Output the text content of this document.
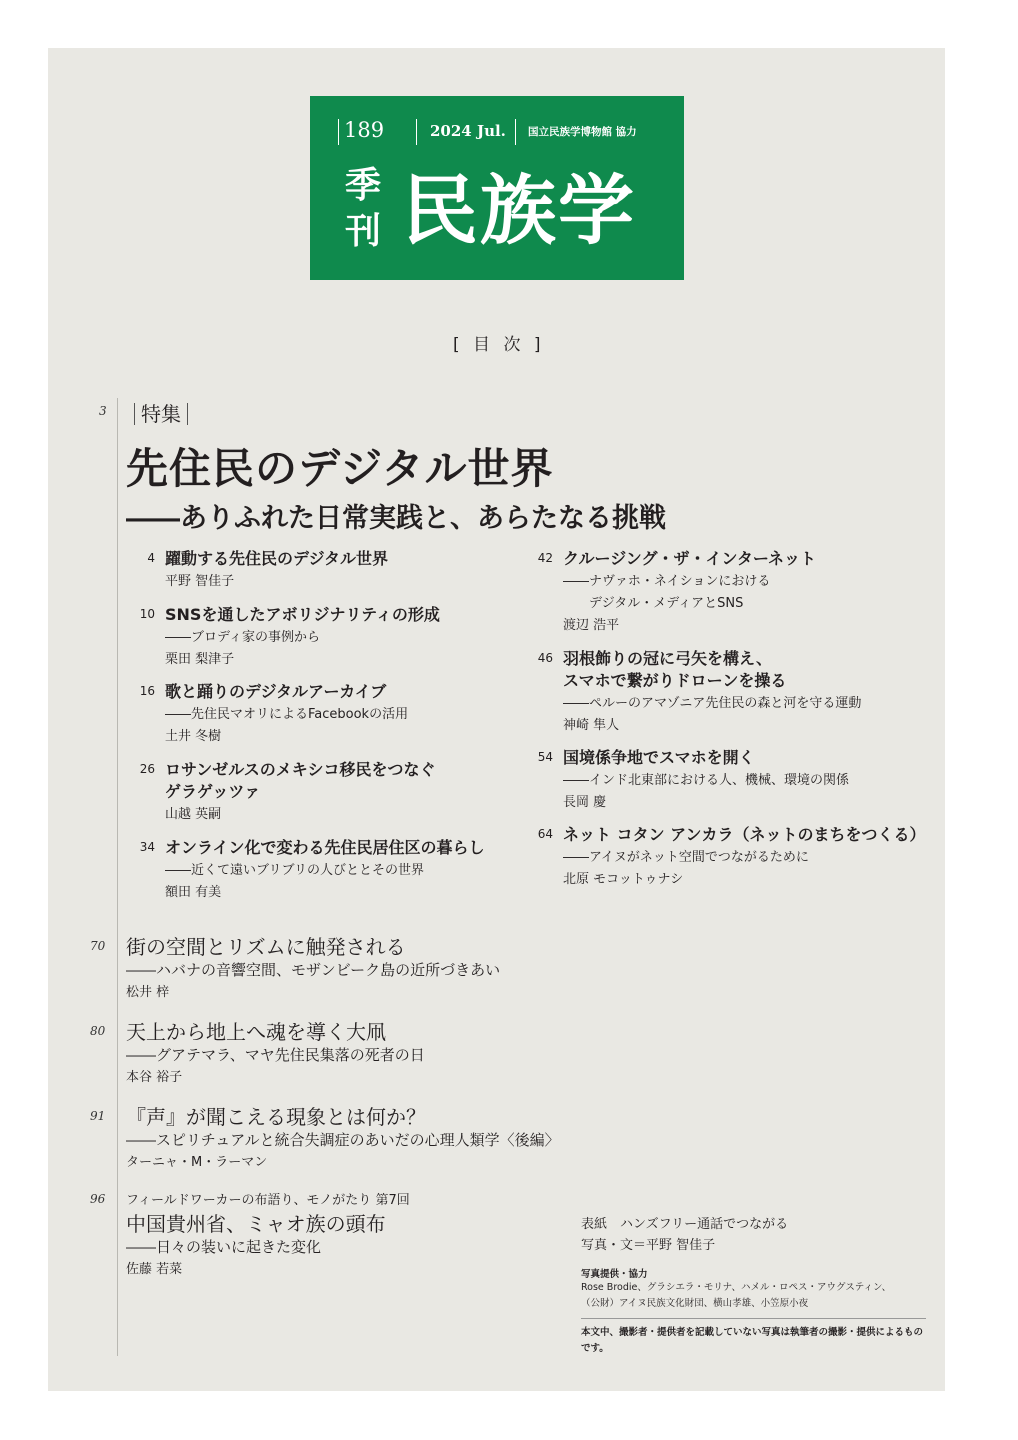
189	2024 Jul. 国立民族学博物館 協力
季刊 民族学
[ 目 次 ]
3	特集
先住民のデジタル世界
――ありふれた日常実践と、あらたなる挑戦
4 躍動する先住民のデジタル世界
平野 智佳子
10 SNSを通したアボリジナリティの形成
――ブロディ家の事例から
栗田 梨津子
16 歌と踊りのデジタルアーカイブ
――先住民マオリによるFacebookの活用
土井 冬樹
26 ロサンゼルスのメキシコ移民をつなぐ
ゲラゲッツァ
山越 英嗣
34 オンライン化で変わる先住民居住区の暮らし
――近くて遠いブリブリの人びととその世界
額田 有美
42 クルージング・ザ・インターネット
――ナヴァホ・ネイションにおける
デジタル・メディアとSNS
渡辺 浩平
46 羽根飾りの冠に弓矢を構え、
スマホで繋がりドローンを操る
――ペルーのアマゾニア先住民の森と河を守る運動
神崎 隼人
54 国境係争地でスマホを開く
――インド北東部における人、機械、環境の関係
長岡 慶
64 ネット コタン アンカラ（ネットのまちをつくる）
――アイヌがネット空間でつながるために
北原 モコットゥナシ
70 街の空間とリズムに触発される
――ハバナの音響空間、モザンビーク島の近所づきあい
松井 梓
80 天上から地上へ魂を導く大凧
――グアテマラ、マヤ先住民集落の死者の日
本谷 裕子
91 『声』が聞こえる現象とは何か？
――スピリチュアルと統合失調症のあいだの心理人類学〈後編〉
ターニャ・M・ラーマン
96 フィールドワーカーの布語り、モノがたり 第7回
中国貴州省、ミャオ族の頭布
――日々の装いに起きた変化
佐藤 若菜
表紙　ハンズフリー通話でつながる
写真・文＝平野 智佳子
写真提供・協力
Rose Brodie、グラシエラ・モリナ、ハメル・ロペス・アウグスティン、
（公財）アイヌ民族文化財団、横山孝雄、小笠原小夜
本文中、撮影者・提供者を記載していない写真は執筆者の撮影・提供によるものです。
